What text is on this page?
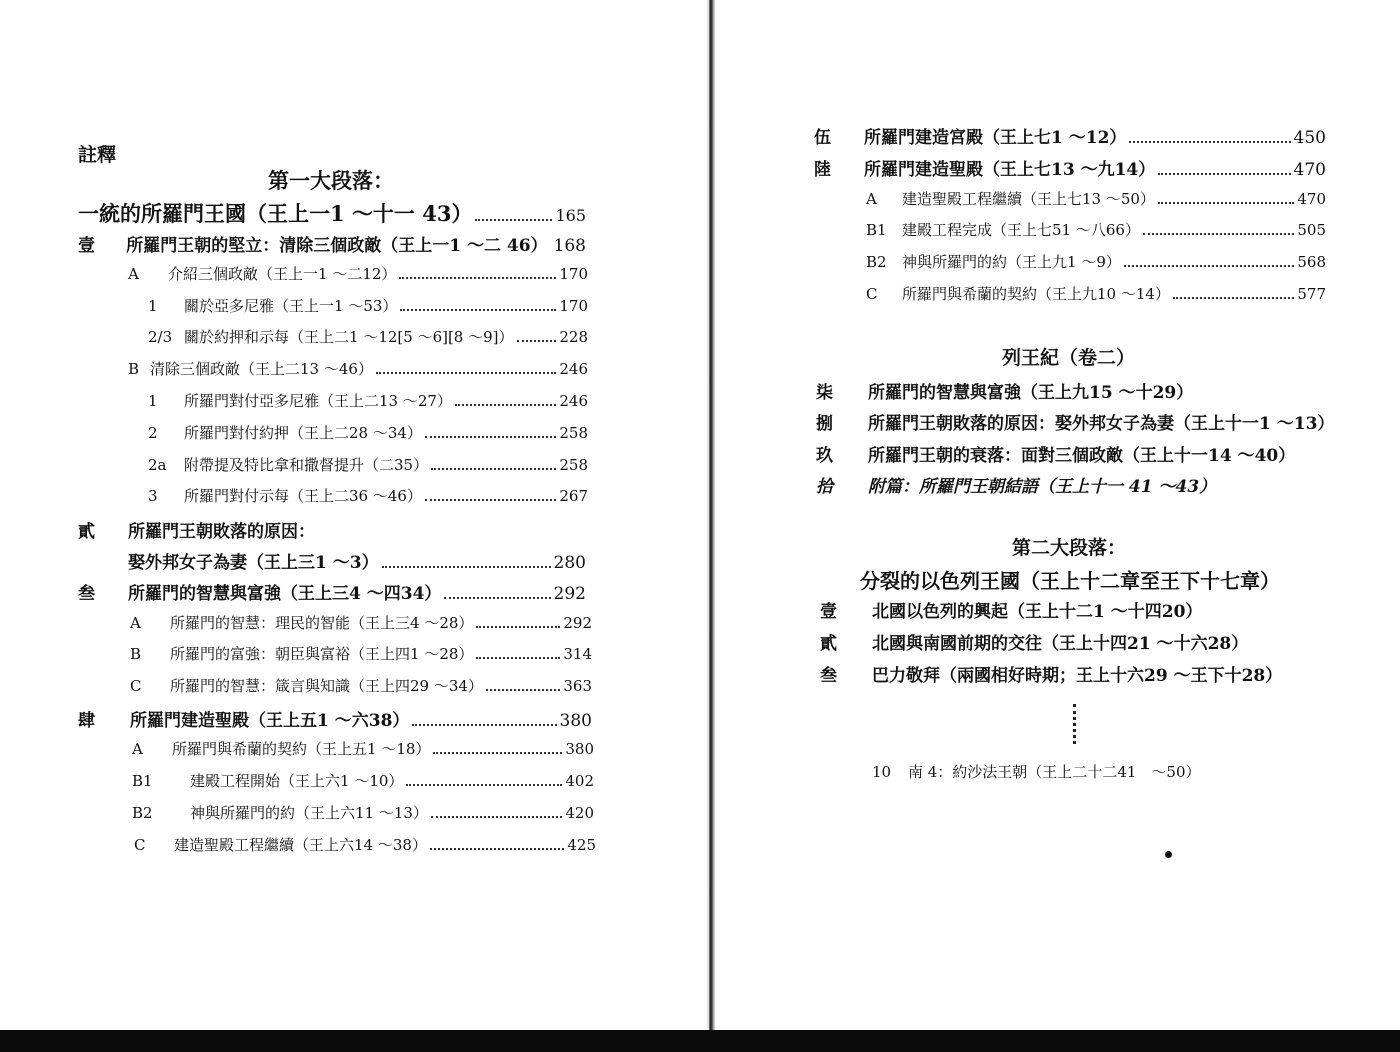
註釋
第一大段落：
一統的所羅門王國（王上一1 ～十一 43）	165
壹	所羅門王朝的堅立：清除三個政敵（王上一1 ～二 46） 168
A	介紹三個政敵（王上一1 ～二12）	170
1	關於亞多尼雅（王上一1 ～53）	170
2/3 關於約押和示每（王上二1 ～12[5 ～6][8 ～9]）	228
B 清除三個政敵（王上二13 ～46）	246
1	所羅門對付亞多尼雅（王上二13 ～27）	246
2	所羅門對付約押（王上二28 ～34）	258
2a	附帶提及特比拿和撒督提升（二35）	258
3	所羅門對付示每（王上二36 ～46）	267
貳	所羅門王朝敗落的原因：
娶外邦女子為妻（王上三1 ～3）	280
叁	所羅門的智慧與富強（王上三4 ～四34）	292
A	所羅門的智慧：理民的智能（王上三4 ～28）	292
B	所羅門的富強：朝臣與富裕（王上四1 ～28）	314
C	所羅門的智慧：箴言與知識（王上四29 ～34）	363
肆	所羅門建造聖殿（王上五1 ～六38）	380
A	所羅門與希蘭的契約（王上五1 ～18）	380
B1	建殿工程開始（王上六1 ～10）	402
B2	神與所羅門的約（王上六11 ～13）	420
C	建造聖殿工程繼續（王上六14 ～38）	425
伍	所羅門建造宮殿（王上七1 ～12）	450
陸	所羅門建造聖殿（王上七13 ～九14）	470
A	建造聖殿工程繼續（王上七13 ～50）	470
B1	建殿工程完成（王上七51 ～八66）	505
B2	神與所羅門的約（王上九1 ～9）	568
C	所羅門與希蘭的契約（王上九10 ～14）	577
列王紀（卷二）
柒	所羅門的智慧與富強（王上九15 ～十29）
捌	所羅門王朝敗落的原因：娶外邦女子為妻（王上十一1 ～13）
玖	所羅門王朝的衰落：面對三個政敵（王上十一14 ～40）
拾	附篇：所羅門王朝結語（王上十一 41 ～43）
第二大段落：
分裂的以色列王國（王上十二章至王下十七章）
壹	北國以色列的興起（王上十二1 ～十四20）
貳	北國與南國前期的交往（王上十四21 ～十六28）
叁	巴力敬拜（兩國相好時期；王上十六29 ～王下十28）
10	南 4：約沙法王朝（王上二十二41　～50）
